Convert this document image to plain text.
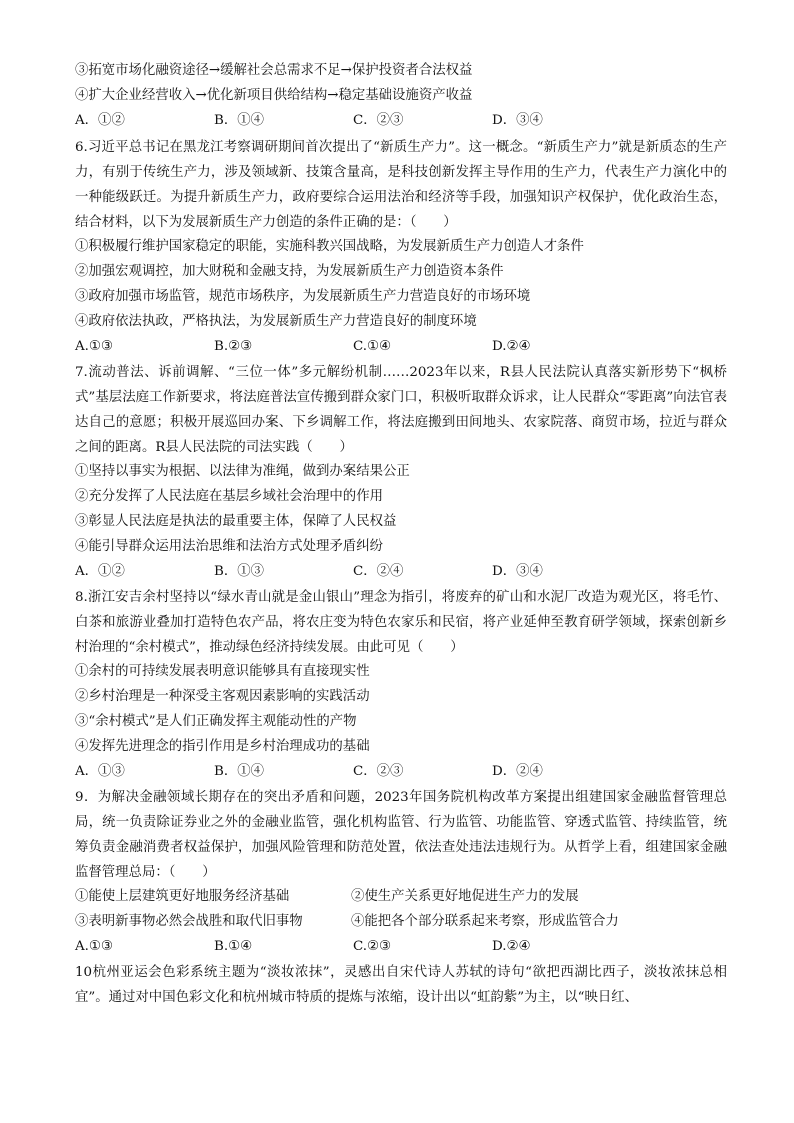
③拓宽市场化融资途径→缓解社会总需求不足→保护投资者合法权益
④扩大企业经营收入→优化新项目供给结构→稳定基础设施资产收益
A．①②	B．①④	C．②③	D．③④
6.习近平总书记在黑龙江考察调研期间首次提出了“新质生产力”。这一概念。“新质生产力”就是新质态的生产力，有别于传统生产力，涉及领域新、技策含量高，是科技创新发挥主导作用的生产力，代表生产力演化中的一种能级跃迁。为提升新质生产力，政府要综合运用法治和经济等手段，加强知识产权保护，优化政治生态，结合材料，以下为发展新质生产力创造的条件正确的是：（　　）
①积极履行维护国家稳定的职能，实施科教兴国战略，为发展新质生产力创造人才条件
②加强宏观调控，加大财税和金融支持，为发展新质生产力创造资本条件
③政府加强市场监管，规范市场秩序，为发展新质生产力营造良好的市场环境
④政府依法执政，严格执法，为发展新质生产力营造良好的制度环境
A.①③	B.②③	C.①④	D.②④
7.流动普法、诉前调解、“三位一体”多元解纷机制……2023年以来，R县人民法院认真落实新形势下“枫桥式”基层法庭工作新要求，将法庭普法宣传搬到群众家门口，积极听取群众诉求，让人民群众“零距离”向法官表达自己的意愿；积极开展巡回办案、下乡调解工作，将法庭搬到田间地头、农家院落、商贸市场，拉近与群众之间的距离。R县人民法院的司法实践（　　）
①坚持以事实为根据、以法律为准绳，做到办案结果公正
②充分发挥了人民法庭在基层乡域社会治理中的作用
③彰显人民法庭是执法的最重要主体，保障了人民权益
④能引导群众运用法治思维和法治方式处理矛盾纠纷
A．①②	B．①③	C．②④	D．③④
8.浙江安吉余村坚持以“绿水青山就是金山银山”理念为指引，将废弃的矿山和水泥厂改造为观光区，将毛竹、白茶和旅游业叠加打造特色农产品，将农庄变为特色农家乐和民宿，将产业延伸至教育研学领域，探索创新乡村治理的“余村模式”，推动绿色经济持续发展。由此可见（　　）
①余村的可持续发展表明意识能够具有直接现实性
②乡村治理是一种深受主客观因素影响的实践活动
③“余村模式”是人们正确发挥主观能动性的产物
④发挥先进理念的指引作用是乡村治理成功的基础
A．①③	B．①④	C．②③	D．②④
9．为解决金融领域长期存在的突出矛盾和问题，2023年国务院机构改革方案提出组建国家金融监督管理总局，统一负责除证券业之外的金融业监管，强化机构监管、行为监管、功能监管、穿透式监管、持续监管，统筹负责金融消费者权益保护，加强风险管理和防范处置，依法查处违法违规行为。从哲学上看，组建国家金融监督管理总局：（　　）
①能使上层建筑更好地服务经济基础	②使生产关系更好地促进生产力的发展
③表明新事物必然会战胜和取代旧事物	④能把各个部分联系起来考察，形成监管合力
A.①③	B.①④	C.②③	D.②④
10杭州亚运会色彩系统主题为“淡妆浓抹”，灵感出自宋代诗人苏轼的诗句“欲把西湖比西子，淡妆浓抹总相宜”。通过对中国色彩文化和杭州城市特质的提炼与浓缩，设计出以“虹韵紫”为主，以“映日红、
